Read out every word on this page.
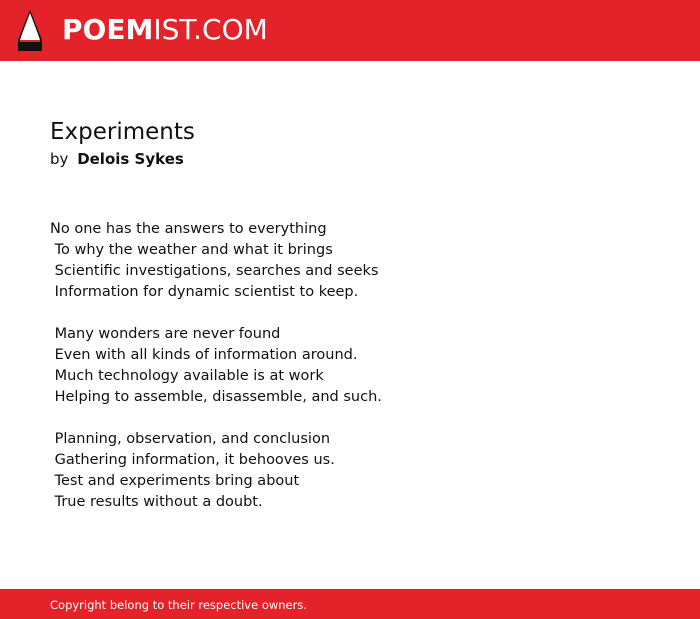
POEMIST.COM
Experiments
by Delois Sykes
No one has the answers to everything
To why the weather and what it brings
Scientific investigations, searches and seeks
Information for dynamic scientist to keep.
Many wonders are never found
Even with all kinds of information around.
Much technology available is at work
Helping to assemble, disassemble, and such.
Planning, observation, and conclusion
Gathering information, it behooves us.
Test and experiments bring about
True results without a doubt.
Copyright belong to their respective owners.
